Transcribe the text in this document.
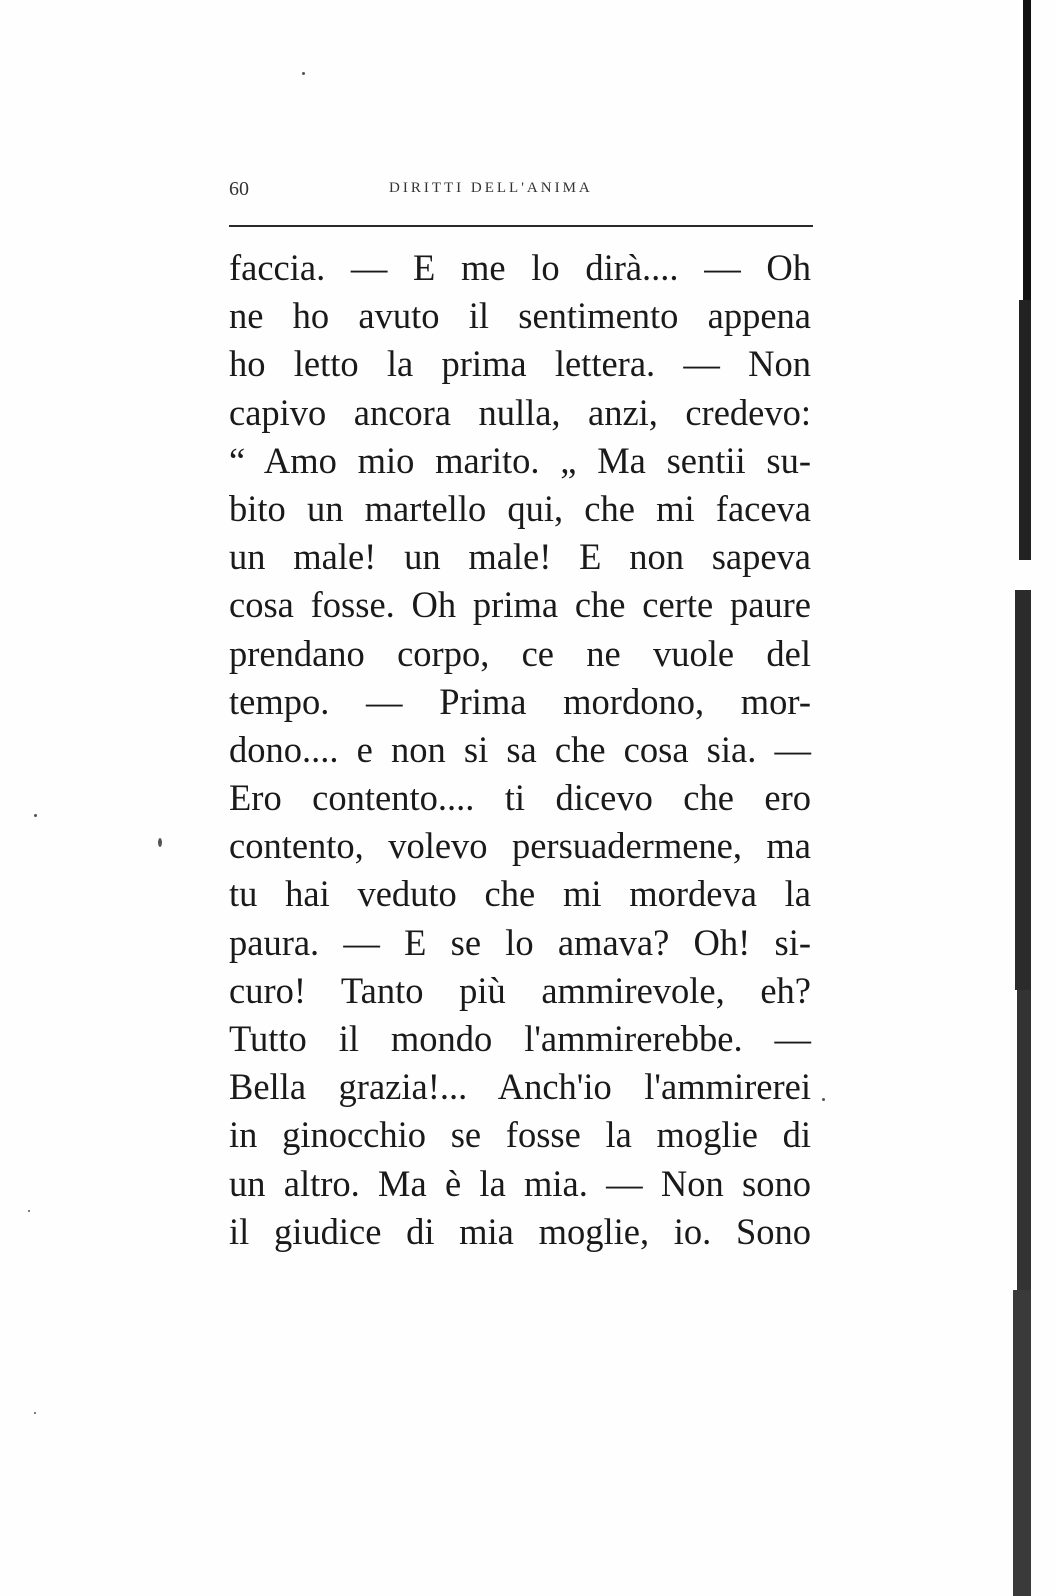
60	DIRITTI DELL'ANIMA
faccia. — E me lo dirà.... — Oh
ne ho avuto il sentimento appena
ho letto la prima lettera. — Non
capivo ancora nulla, anzi, credevo:
“ Amo mio marito. „ Ma sentii su-
bito un martello qui, che mi faceva
un male! un male! E non sapeva
cosa fosse. Oh prima che certe paure
prendano corpo, ce ne vuole del
tempo. — Prima mordono, mor-
dono.... e non si sa che cosa sia. —
Ero contento.... ti dicevo che ero
contento, volevo persuadermene, ma
tu hai veduto che mi mordeva la
paura. — E se lo amava? Oh! si-
curo! Tanto più ammirevole, eh?
Tutto il mondo l'ammirerebbe. —
Bella grazia!... Anch'io l'ammirerei
in ginocchio se fosse la moglie di
un altro. Ma è la mia. — Non sono
il giudice di mia moglie, io. Sono
